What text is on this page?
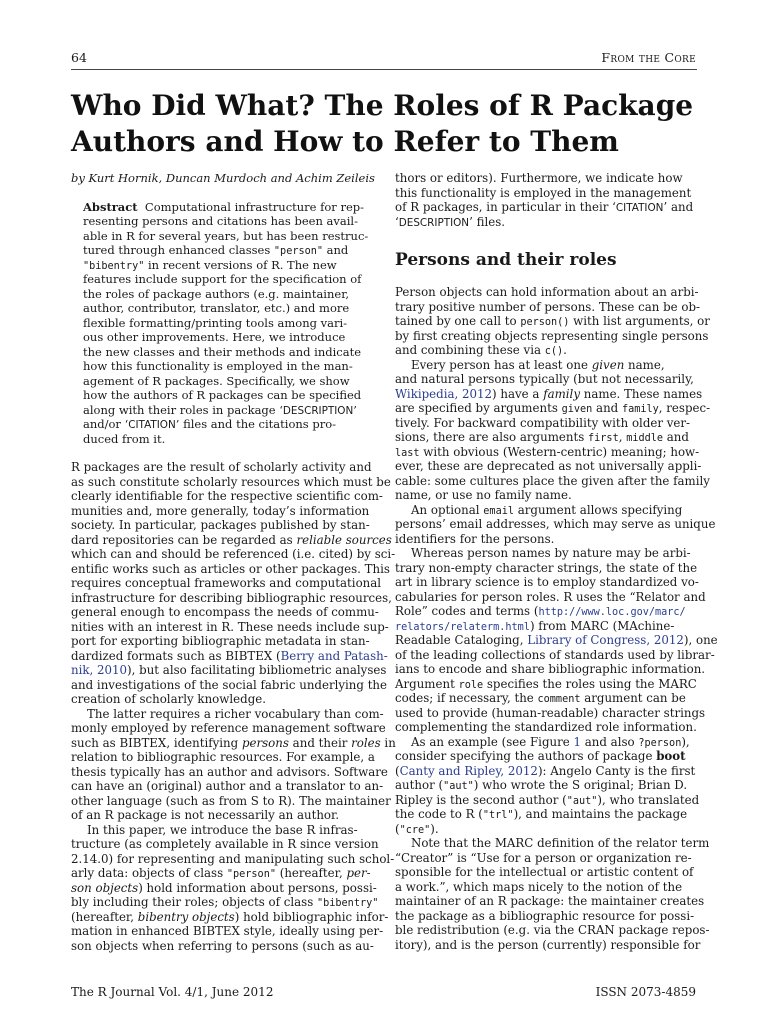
64	From the Core
Who Did What? The Roles of R Package
Authors and How to Refer to Them
by Kurt Hornik, Duncan Murdoch and Achim Zeileis
Abstract Computational infrastructure for rep-
resenting persons and citations has been avail-
able in R for several years, but has been restruc-
tured through enhanced classes "person" and
"bibentry" in recent versions of R. The new
features include support for the specification of
the roles of package authors (e.g. maintainer,
author, contributor, translator, etc.) and more
flexible formatting/printing tools among vari-
ous other improvements. Here, we introduce
the new classes and their methods and indicate
how this functionality is employed in the man-
agement of R packages. Specifically, we show
how the authors of R packages can be specified
along with their roles in package ‘DESCRIPTION’
and/or ‘CITATION’ files and the citations pro-
duced from it.
R packages are the result of scholarly activity and
as such constitute scholarly resources which must be
clearly identifiable for the respective scientific com-
munities and, more generally, today’s information
society. In particular, packages published by stan-
dard repositories can be regarded as reliable sources
which can and should be referenced (i.e. cited) by sci-
entific works such as articles or other packages. This
requires conceptual frameworks and computational
infrastructure for describing bibliographic resources,
general enough to encompass the needs of commu-
nities with an interest in R. These needs include sup-
port for exporting bibliographic metadata in stan-
dardized formats such as BIBTEX (Berry and Patash-
nik, 2010), but also facilitating bibliometric analyses
and investigations of the social fabric underlying the
creation of scholarly knowledge.
The latter requires a richer vocabulary than com-
monly employed by reference management software
such as BIBTEX, identifying persons and their roles in
relation to bibliographic resources. For example, a
thesis typically has an author and advisors. Software
can have an (original) author and a translator to an-
other language (such as from S to R). The maintainer
of an R package is not necessarily an author.
In this paper, we introduce the base R infras-
tructure (as completely available in R since version
2.14.0) for representing and manipulating such schol-
arly data: objects of class "person" (hereafter, per-
son objects) hold information about persons, possi-
bly including their roles; objects of class "bibentry"
(hereafter, bibentry objects) hold bibliographic infor-
mation in enhanced BIBTEX style, ideally using per-
son objects when referring to persons (such as au-
thors or editors). Furthermore, we indicate how
this functionality is employed in the management
of R packages, in particular in their ‘CITATION’ and
‘DESCRIPTION’ files.
Persons and their roles
Person objects can hold information about an arbi-
trary positive number of persons. These can be ob-
tained by one call to person() with list arguments, or
by first creating objects representing single persons
and combining these via c().
Every person has at least one given name,
and natural persons typically (but not necessarily,
Wikipedia, 2012) have a family name. These names
are specified by arguments given and family, respec-
tively. For backward compatibility with older ver-
sions, there are also arguments first, middle and
last with obvious (Western-centric) meaning; how-
ever, these are deprecated as not universally appli-
cable: some cultures place the given after the family
name, or use no family name.
An optional email argument allows specifying
persons’ email addresses, which may serve as unique
identifiers for the persons.
Whereas person names by nature may be arbi-
trary non-empty character strings, the state of the
art in library science is to employ standardized vo-
cabularies for person roles. R uses the “Relator and
Role” codes and terms (http://www.loc.gov/marc/
relators/relaterm.html) from MARC (MAchine-
Readable Cataloging, Library of Congress, 2012), one
of the leading collections of standards used by librar-
ians to encode and share bibliographic information.
Argument role specifies the roles using the MARC
codes; if necessary, the comment argument can be
used to provide (human-readable) character strings
complementing the standardized role information.
As an example (see Figure 1 and also ?person),
consider specifying the authors of package boot
(Canty and Ripley, 2012): Angelo Canty is the first
author ("aut") who wrote the S original; Brian D.
Ripley is the second author ("aut"), who translated
the code to R ("trl"), and maintains the package
("cre").
Note that the MARC definition of the relator term
“Creator” is “Use for a person or organization re-
sponsible for the intellectual or artistic content of
a work.”, which maps nicely to the notion of the
maintainer of an R package: the maintainer creates
the package as a bibliographic resource for possi-
ble redistribution (e.g. via the CRAN package repos-
itory), and is the person (currently) responsible for
The R Journal Vol. 4/1, June 2012	ISSN 2073-4859
